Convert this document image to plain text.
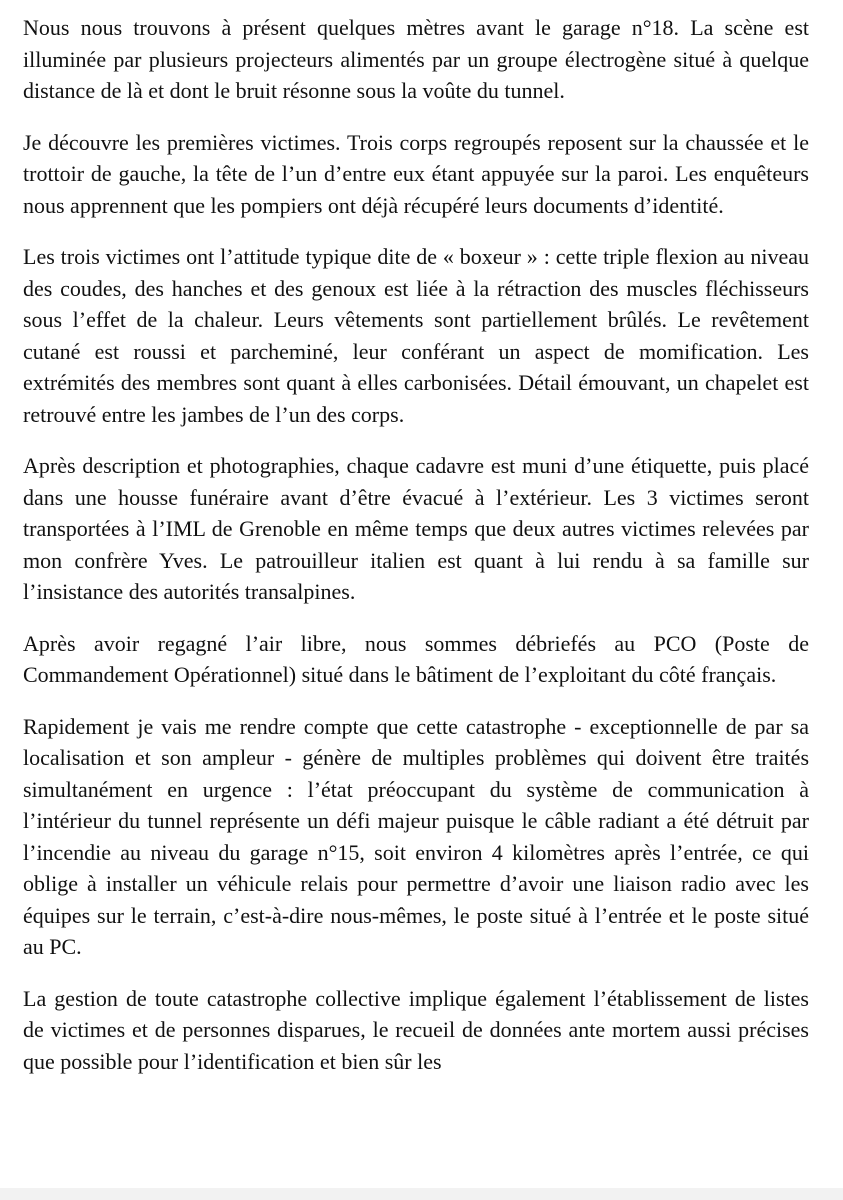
Nous nous trouvons à présent quelques mètres avant le garage n°18. La scène est illuminée par plusieurs projecteurs alimentés par un groupe électrogène situé à quelque distance de là et dont le bruit résonne sous la voûte du tunnel.

Je découvre les premières victimes. Trois corps regroupés reposent sur la chaussée et le trottoir de gauche, la tête de l’un d’entre eux étant appuyée sur la paroi. Les enquêteurs nous apprennent que les pompiers ont déjà récupéré leurs documents d’identité.

Les trois victimes ont l’attitude typique dite de « boxeur » : cette triple flexion au niveau des coudes, des hanches et des genoux est liée à la rétraction des muscles fléchisseurs sous l’effet de la chaleur. Leurs vêtements sont partiellement brûlés. Le revêtement cutané est roussi et parcheminé, leur conférant un aspect de momification. Les extrémités des membres sont quant à elles carbonisées. Détail émouvant, un chapelet est retrouvé entre les jambes de l’un des corps.

Après description et photographies, chaque cadavre est muni d’une étiquette, puis placé dans une housse funéraire avant d’être évacué à l’extérieur. Les 3 victimes seront transportées à l’IML de Grenoble en même temps que deux autres victimes relevées par mon confrère Yves. Le patrouilleur italien est quant à lui rendu à sa famille sur l’insistance des autorités transalpines.

Après avoir regagné l’air libre, nous sommes débriefés au PCO (Poste de Commandement Opérationnel) situé dans le bâtiment de l’exploitant du côté français.

Rapidement je vais me rendre compte que cette catastrophe - exceptionnelle de par sa localisation et son ampleur - génère de multiples problèmes qui doivent être traités simultanément en urgence : l’état préoccupant du système de communication à l’intérieur du tunnel représente un défi majeur puisque le câble radiant a été détruit par l’incendie au niveau du garage n°15, soit environ 4 kilomètres après l’entrée, ce qui oblige à installer un véhicule relais pour permettre d’avoir une liaison radio avec les équipes sur le terrain, c’est-à-dire nous-mêmes, le poste situé à l’entrée et le poste situé au PC.

La gestion de toute catastrophe collective implique également l’établissement de listes de victimes et de personnes disparues, le recueil de données ante mortem aussi précises que possible pour l’identification et bien sûr les
